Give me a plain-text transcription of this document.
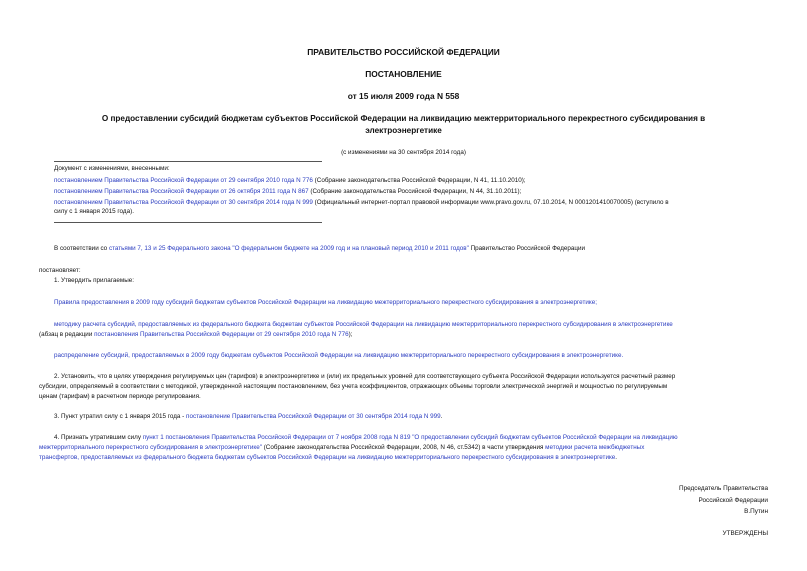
ПРАВИТЕЛЬСТВО РОССИЙСКОЙ ФЕДЕРАЦИИ
ПОСТАНОВЛЕНИЕ
от 15 июля 2009 года N 558
О предоставлении субсидий бюджетам субъектов Российской Федерации на ликвидацию межтерриториального перекрестного субсидирования в
электроэнергетике
(с изменениями на 30 сентября 2014 года)
Документ с изменениями, внесенными:
постановлением Правительства Российской Федерации от 29 сентября 2010 года N 776 (Собрание законодательства Российской Федерации, N 41, 11.10.2010);
постановлением Правительства Российской Федерации от 26 октября 2011 года N 867 (Собрание законодательства Российской Федерации, N 44, 31.10.2011);
постановлением Правительства Российской Федерации от 30 сентября 2014 года N 999 (Официальный интернет-портал правовой информации www.pravo.gov.ru, 07.10.2014, N 0001201410070005) (вступило в
силу с 1 января 2015 года).
В соответствии со статьями 7, 13 и 25 Федерального закона "О федеральном бюджете на 2009 год и на плановый период 2010 и 2011 годов" Правительство Российской Федерации
постановляет:
1. Утвердить прилагаемые:
Правила предоставления в 2009 году субсидий бюджетам субъектов Российской Федерации на ликвидацию межтерриториального перекрестного субсидирования в электроэнергетике;
методику расчета субсидий, предоставляемых из федерального бюджета бюджетам субъектов Российской Федерации на ликвидацию межтерриториального перекрестного субсидирования в электроэнергетике
(абзац в редакции постановления Правительства Российской Федерации от 29 сентября 2010 года N 776);
распределение субсидий, предоставляемых в 2009 году бюджетам субъектов Российской Федерации на ликвидацию межтерриториального перекрестного субсидирования в электроэнергетике.
2. Установить, что в целях утверждения регулируемых цен (тарифов) в электроэнергетике и (или) их предельных уровней для соответствующего субъекта Российской Федерации используется расчетный размер
субсидии, определяемый в соответствии с методикой, утвержденной настоящим постановлением, без учета коэффициентов, отражающих объемы торговли электрической энергией и мощностью по регулируемым
ценам (тарифам) в расчетном периоде регулирования.
3. Пункт утратил силу с 1 января 2015 года - постановление Правительства Российской Федерации от 30 сентября 2014 года N 999.
4. Признать утратившим силу пункт 1 постановления Правительства Российской Федерации от 7 ноября 2008 года N 819 "О предоставлении субсидий бюджетам субъектов Российской Федерации на ликвидацию
межтерриториального перекрестного субсидирования в электроэнергетике" (Собрание законодательства Российской Федерации, 2008, N 46, ст.5342) в части утверждения методики расчета межбюджетных
трансфертов, предоставляемых из федерального бюджета бюджетам субъектов Российской Федерации на ликвидацию межтерриториального перекрестного субсидирования в электроэнергетике.
Председатель Правительства
Российской Федерации
В.Путин
УТВЕРЖДЕНЫ
